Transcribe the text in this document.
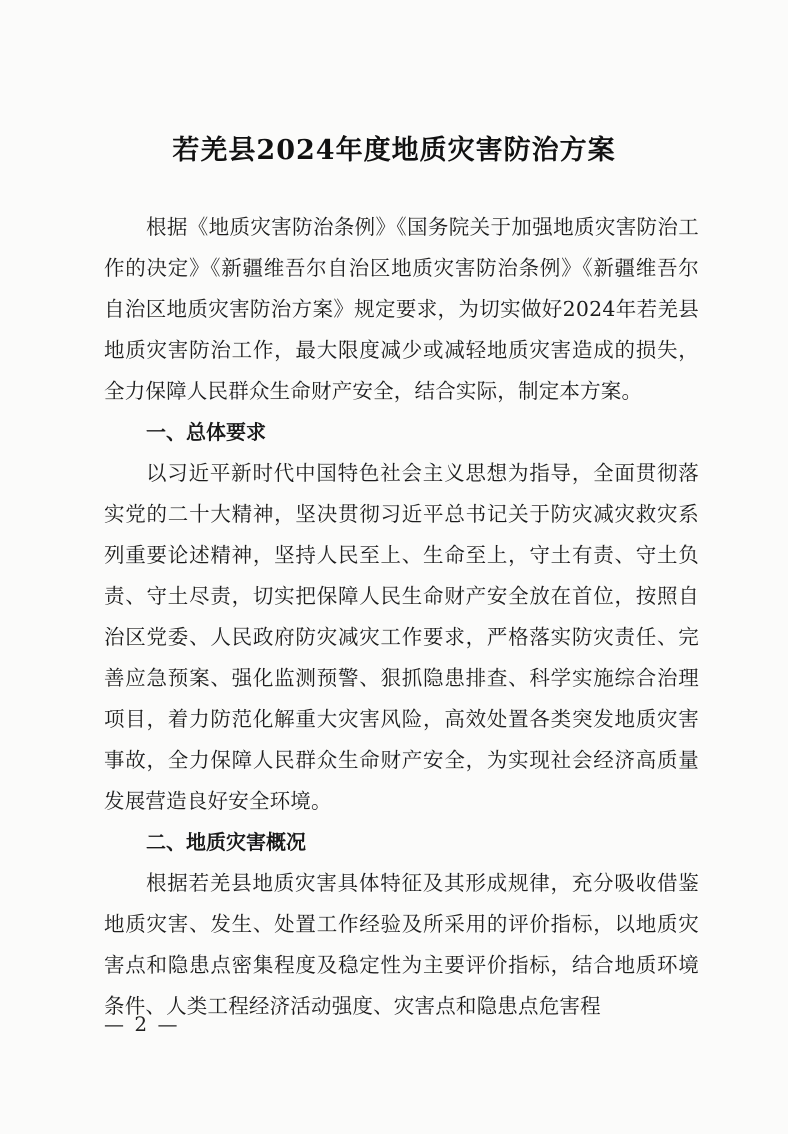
若羌县2024年度地质灾害防治方案

根据《地质灾害防治条例》《国务院关于加强地质灾害防治工作的决定》《新疆维吾尔自治区地质灾害防治条例》《新疆维吾尔自治区地质灾害防治方案》规定要求，为切实做好2024年若羌县地质灾害防治工作，最大限度减少或减轻地质灾害造成的损失，全力保障人民群众生命财产安全，结合实际，制定本方案。

一、总体要求

以习近平新时代中国特色社会主义思想为指导，全面贯彻落实党的二十大精神，坚决贯彻习近平总书记关于防灾减灾救灾系列重要论述精神，坚持人民至上、生命至上，守土有责、守土负责、守土尽责，切实把保障人民生命财产安全放在首位，按照自治区党委、人民政府防灾减灾工作要求，严格落实防灾责任、完善应急预案、强化监测预警、狠抓隐患排查、科学实施综合治理项目，着力防范化解重大灾害风险，高效处置各类突发地质灾害事故，全力保障人民群众生命财产安全，为实现社会经济高质量发展营造良好安全环境。

二、地质灾害概况

根据若羌县地质灾害具体特征及其形成规律，充分吸收借鉴地质灾害、发生、处置工作经验及所采用的评价指标，以地质灾害点和隐患点密集程度及稳定性为主要评价指标，结合地质环境条件、人类工程经济活动强度、灾害点和隐患点危害程

— 2 —
